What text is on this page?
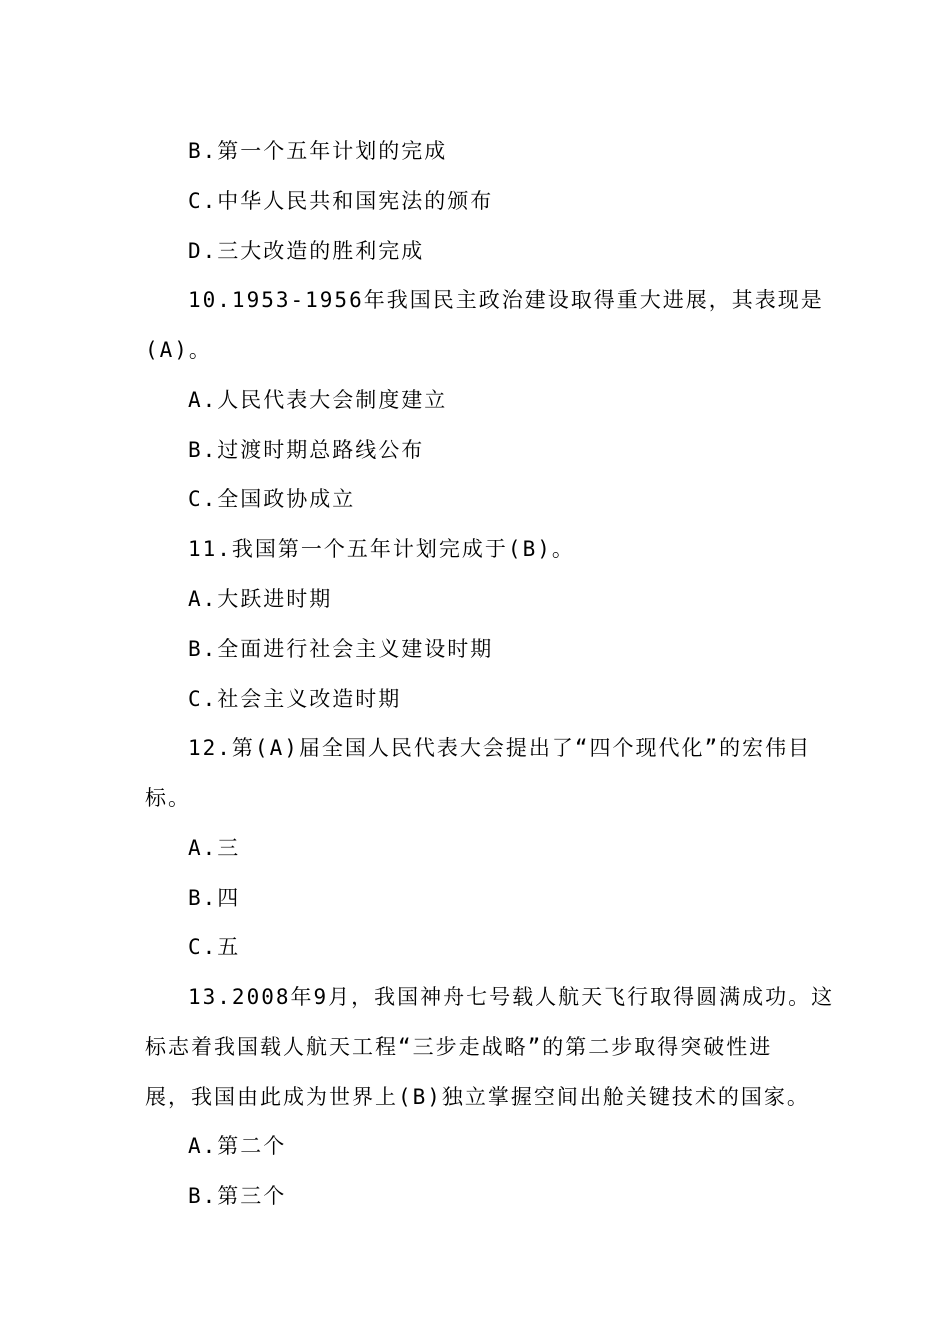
B.第一个五年计划的完成
C.中华人民共和国宪法的颁布
D.三大改造的胜利完成
10.1953-1956年我国民主政治建设取得重大进展，其表现是
(A)。
A.人民代表大会制度建立
B.过渡时期总路线公布
C.全国政协成立
11.我国第一个五年计划完成于(B)。
A.大跃进时期
B.全面进行社会主义建设时期
C.社会主义改造时期
12.第(A)届全国人民代表大会提出了“四个现代化”的宏伟目
标。
A.三
B.四
C.五
13.2008年9月，我国神舟七号载人航天飞行取得圆满成功。这
标志着我国载人航天工程“三步走战略”的第二步取得突破性进
展，我国由此成为世界上(B)独立掌握空间出舱关键技术的国家。
A.第二个
B.第三个
